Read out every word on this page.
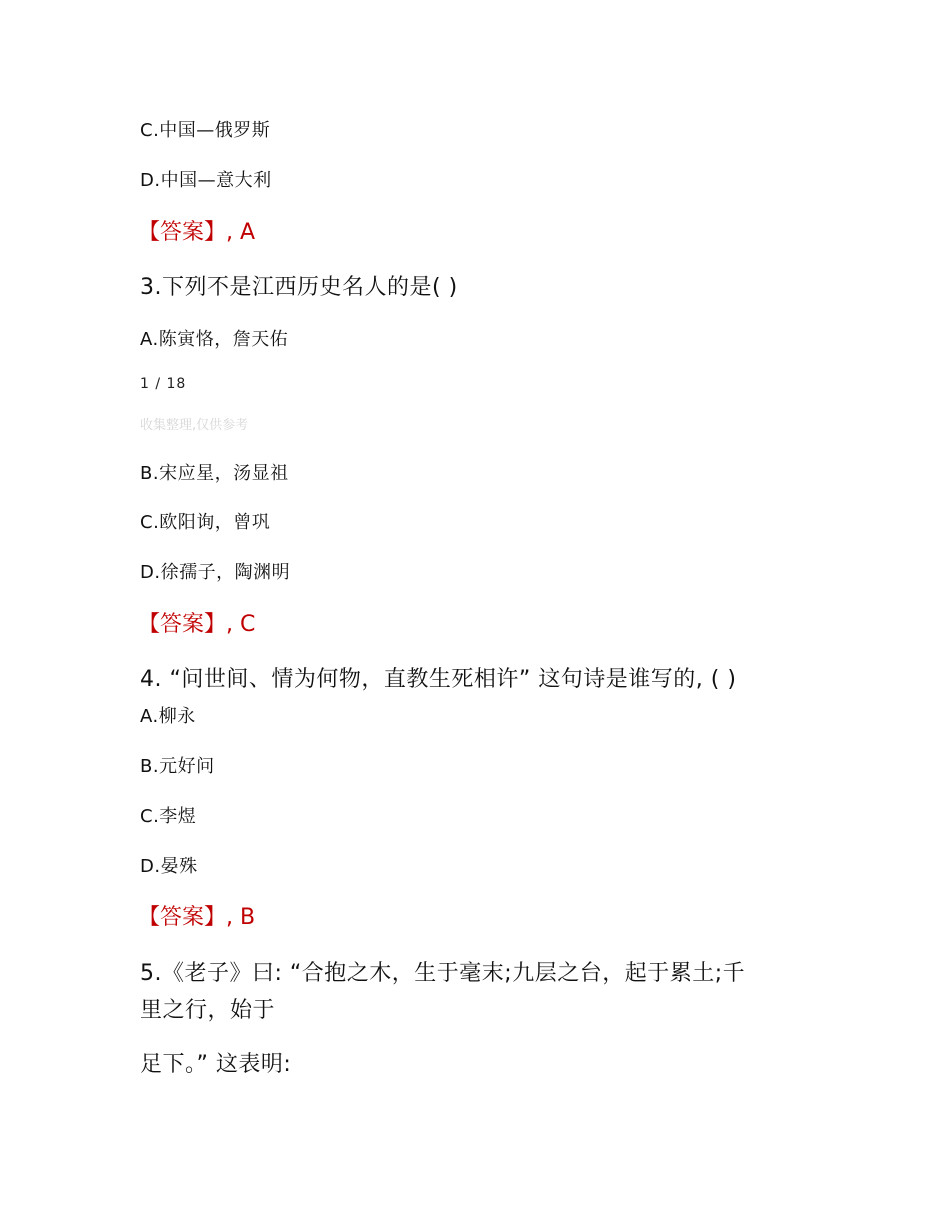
C.中国—俄罗斯
D.中国—意大利
【答案】, A
3.下列不是江西历史名人的是( )
A.陈寅恪，詹天佑
1 / 18
收集整理,仅供参考
B.宋应星，汤显祖
C.欧阳询，曾巩
D.徐孺子，陶渊明
【答案】, C
4. “问世间、情为何物，直教生死相许” 这句诗是谁写的, ( )
A.柳永
B.元好问
C.李煜
D.晏殊
【答案】, B
5.《老子》曰: “合抱之木，生于毫末;九层之台，起于累土;千
里之行，始于
足下。” 这表明:
